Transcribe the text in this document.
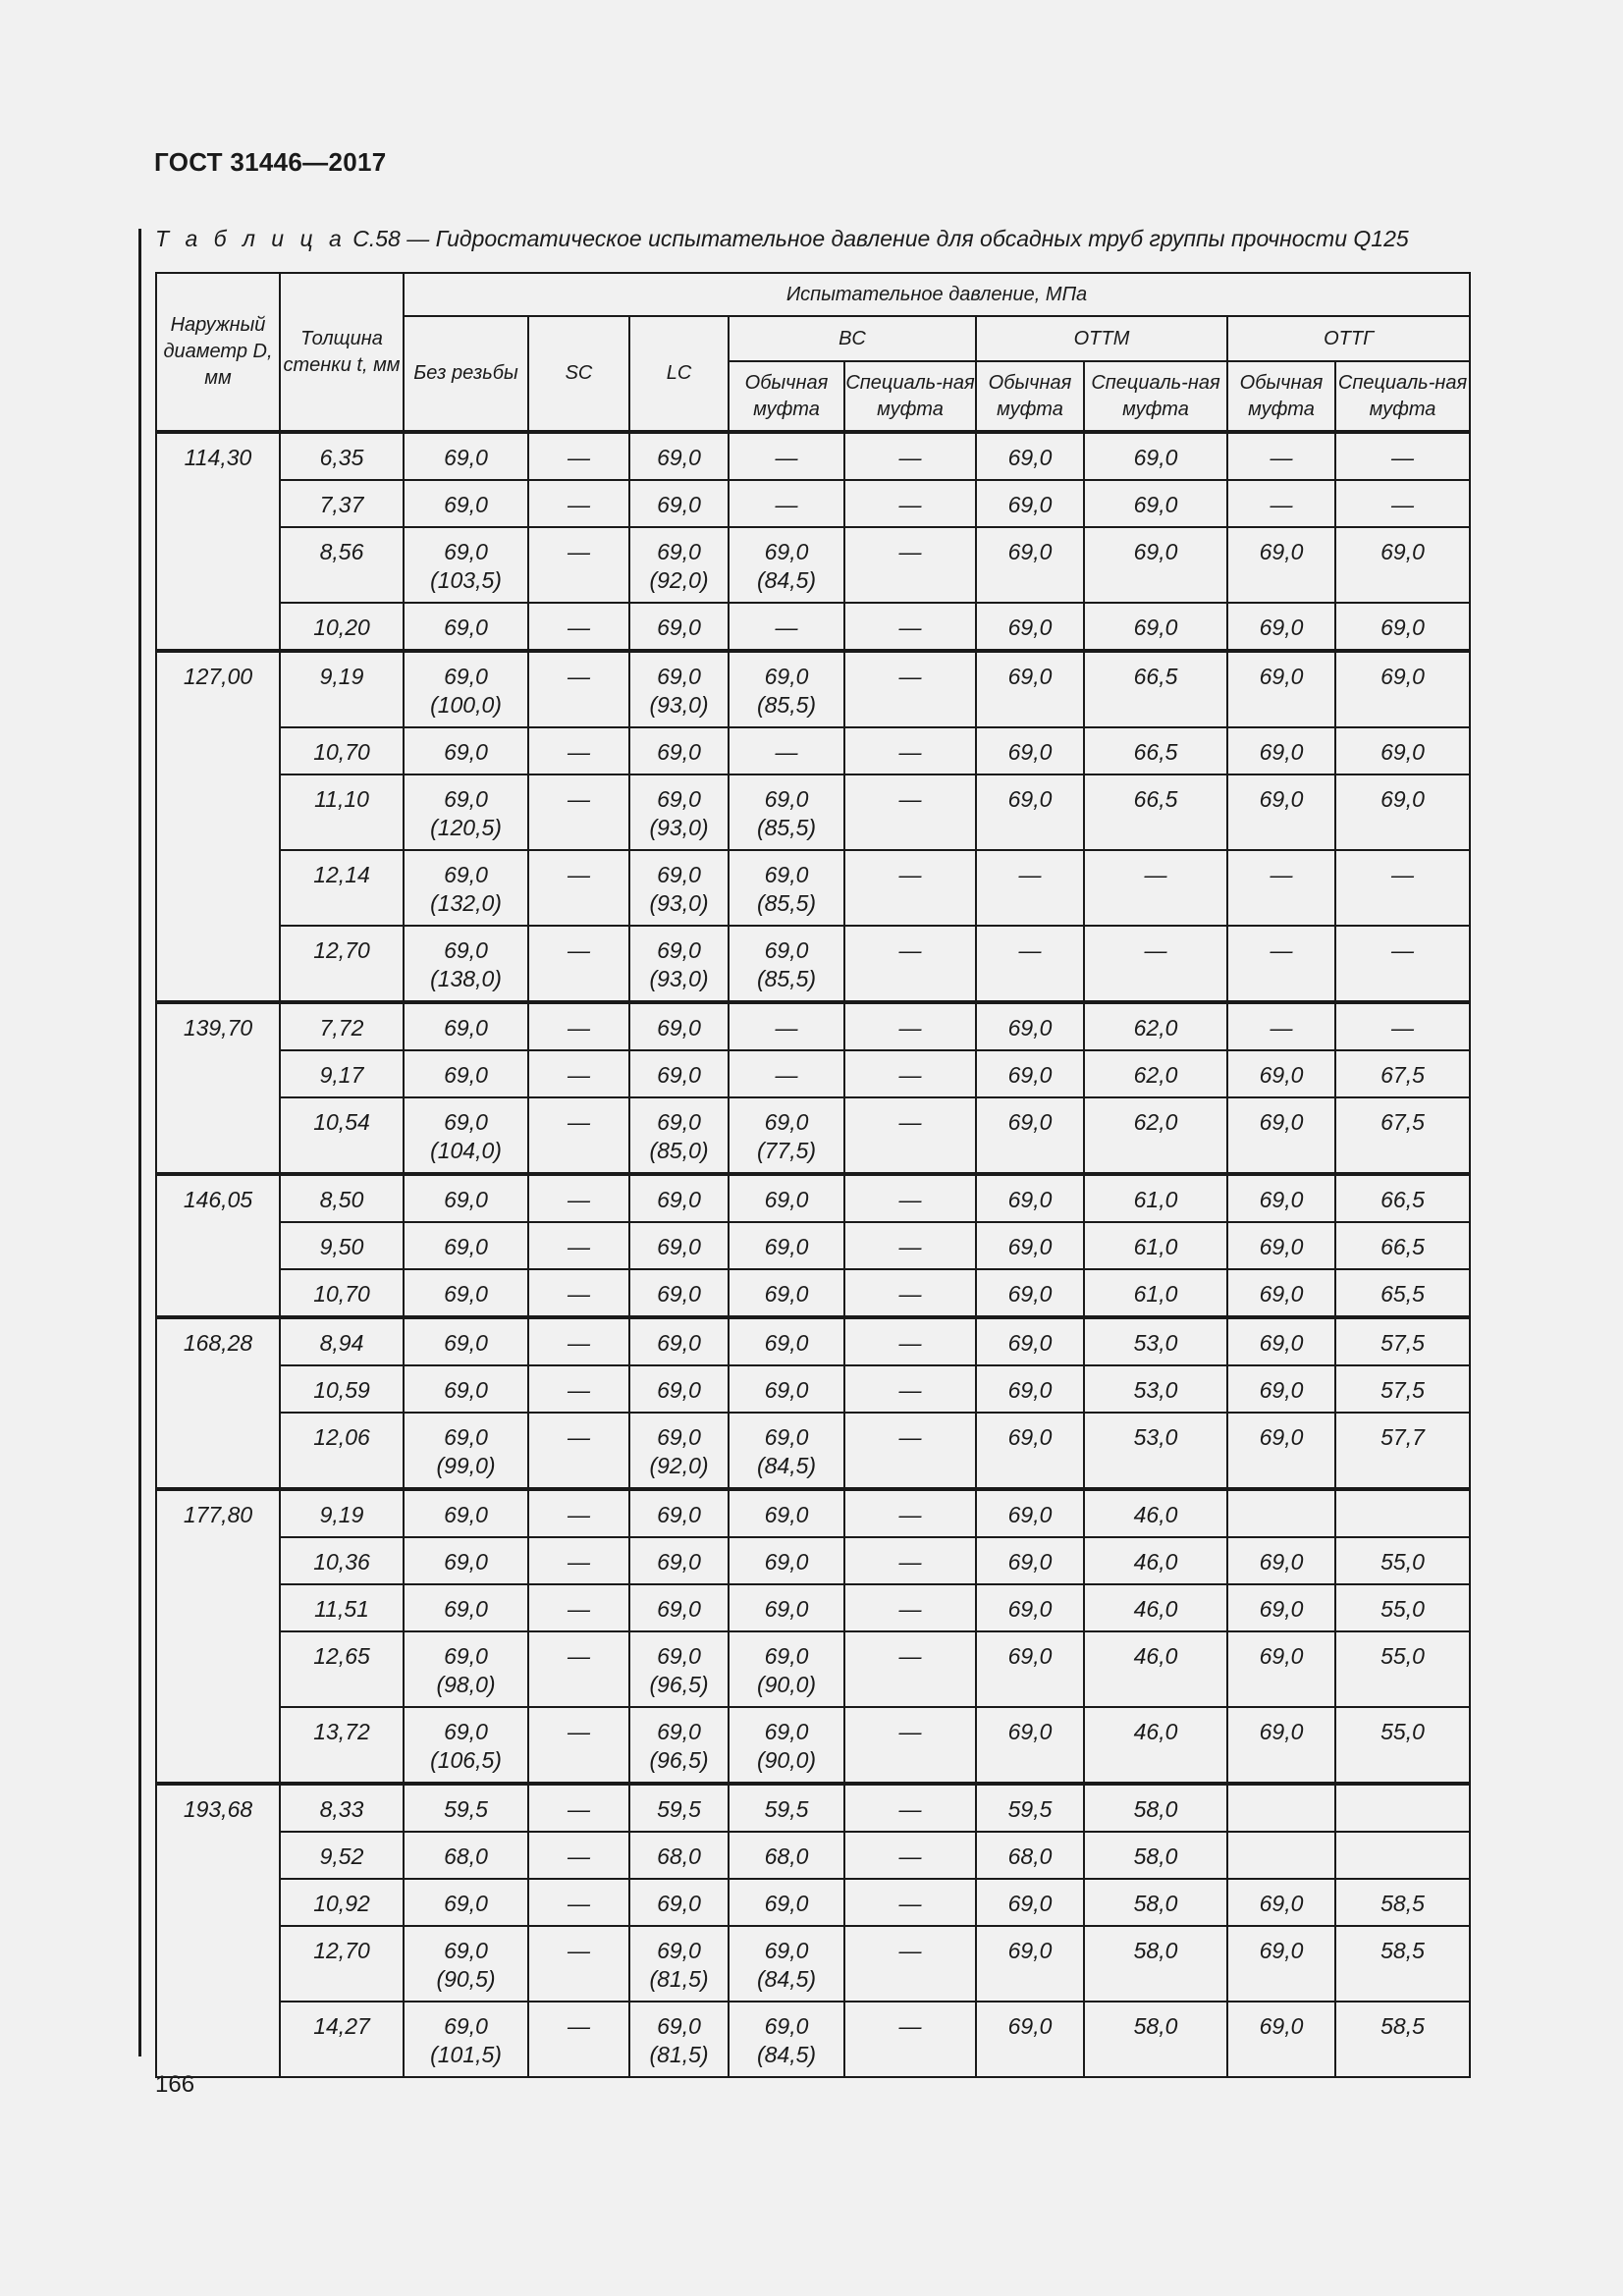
ГОСТ 31446—2017
Т а б л и ц а С.58 — Гидростатическое испытательное давление для обсадных труб группы прочности Q125
Наружный диаметр D, мм	Толщина стенки t, мм	Испытательное давление, МПа								
		Без резьбы	SC	LC	BC		ОТТМ		ОТТГ	
					Обычная муфта	Специаль-ная муфта	Обычная муфта	Специаль-ная муфта	Обычная муфта	Специаль-ная муфта
114,30	6,35	69,0	—	69,0	—	—	69,0	69,0	—	—
	7,37	69,0	—	69,0	—	—	69,0	69,0	—	—
	8,56	69,0
(103,5)	—	69,0
(92,0)	69,0
(84,5)	—	69,0	69,0	69,0	69,0
	10,20	69,0	—	69,0	—	—	69,0	69,0	69,0	69,0
127,00	9,19	69,0
(100,0)	—	69,0
(93,0)	69,0
(85,5)	—	69,0	66,5	69,0	69,0
	10,70	69,0	—	69,0	—	—	69,0	66,5	69,0	69,0
	11,10	69,0
(120,5)	—	69,0
(93,0)	69,0
(85,5)	—	69,0	66,5	69,0	69,0
	12,14	69,0
(132,0)	—	69,0
(93,0)	69,0
(85,5)	—	—	—	—	—
	12,70	69,0
(138,0)	—	69,0
(93,0)	69,0
(85,5)	—	—	—	—	—
139,70	7,72	69,0	—	69,0	—	—	69,0	62,0	—	—
	9,17	69,0	—	69,0	—	—	69,0	62,0	69,0	67,5
	10,54	69,0
(104,0)	—	69,0
(85,0)	69,0
(77,5)	—	69,0	62,0	69,0	67,5
146,05	8,50	69,0	—	69,0	69,0	—	69,0	61,0	69,0	66,5
	9,50	69,0	—	69,0	69,0	—	69,0	61,0	69,0	66,5
	10,70	69,0	—	69,0	69,0	—	69,0	61,0	69,0	65,5
168,28	8,94	69,0	—	69,0	69,0	—	69,0	53,0	69,0	57,5
	10,59	69,0	—	69,0	69,0	—	69,0	53,0	69,0	57,5
	12,06	69,0
(99,0)	—	69,0
(92,0)	69,0
(84,5)	—	69,0	53,0	69,0	57,7
177,80	9,19	69,0	—	69,0	69,0	—	69,0	46,0		
	10,36	69,0	—	69,0	69,0	—	69,0	46,0	69,0	55,0
	11,51	69,0	—	69,0	69,0	—	69,0	46,0	69,0	55,0
	12,65	69,0
(98,0)	—	69,0
(96,5)	69,0
(90,0)	—	69,0	46,0	69,0	55,0
	13,72	69,0
(106,5)	—	69,0
(96,5)	69,0
(90,0)	—	69,0	46,0	69,0	55,0
193,68	8,33	59,5	—	59,5	59,5	—	59,5	58,0		
	9,52	68,0	—	68,0	68,0	—	68,0	58,0		
	10,92	69,0	—	69,0	69,0	—	69,0	58,0	69,0	58,5
	12,70	69,0
(90,5)	—	69,0
(81,5)	69,0
(84,5)	—	69,0	58,0	69,0	58,5
	14,27	69,0
(101,5)	—	69,0
(81,5)	69,0
(84,5)	—	69,0	58,0	69,0	58,5
166
